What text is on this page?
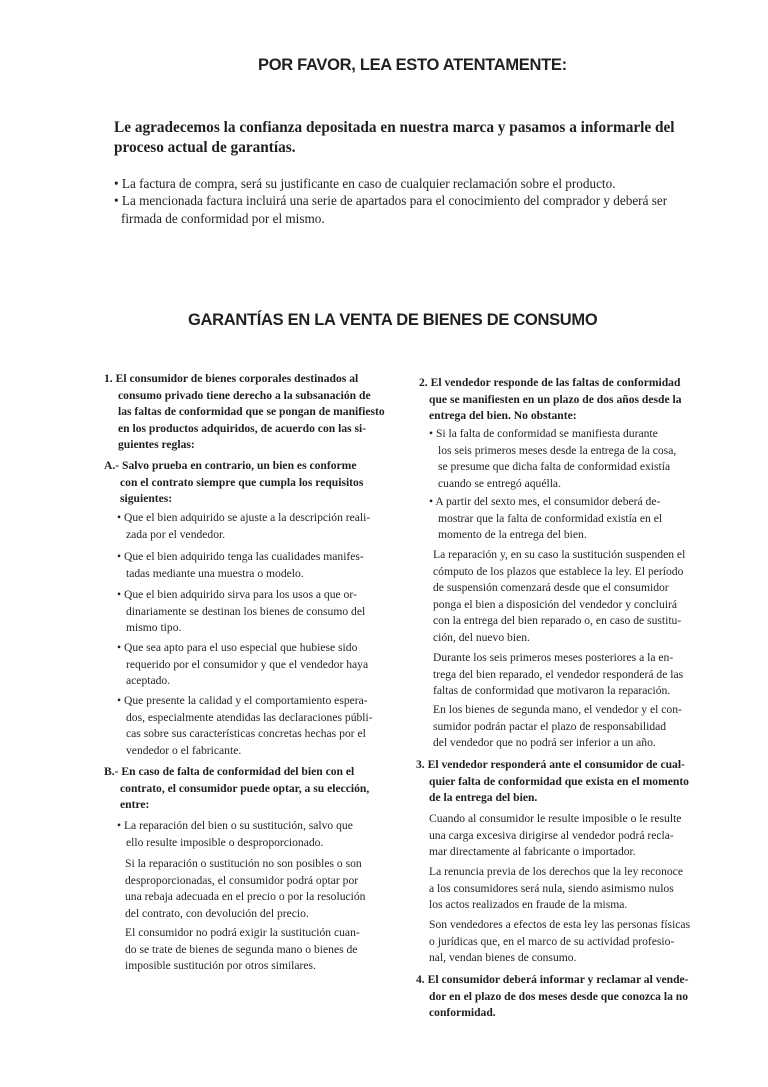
POR FAVOR, LEA ESTO ATENTAMENTE:
Le agradecemos la confianza depositada en nuestra marca y pasamos a informarle del
proceso actual de garantías.
• La factura de compra, será su justificante en caso de cualquier reclamación sobre el producto.
• La mencionada factura incluirá una serie de apartados para el conocimiento del comprador y deberá ser
firmada de conformidad por el mismo.
GARANTÍAS EN LA VENTA DE BIENES DE CONSUMO
1. El consumidor de bienes corporales destinados al
consumo privado tiene derecho a la subsanación de
las faltas de conformidad que se pongan de manifiesto
en los productos adquiridos, de acuerdo con las si-
guientes reglas:
A.- Salvo prueba en contrario, un bien es conforme
con el contrato siempre que cumpla los requisitos
siguientes:
• Que el bien adquirido se ajuste a la descripción reali-
zada por el vendedor.
• Que el bien adquirido tenga las cualidades manifes-
tadas mediante una muestra o modelo.
• Que el bien adquirido sirva para los usos a que or-
dinariamente se destinan los bienes de consumo del
mismo tipo.
• Que sea apto para el uso especial que hubiese sido
requerido por el consumidor y que el vendedor haya
aceptado.
• Que presente la calidad y el comportamiento espera-
dos, especialmente atendidas las declaraciones públi-
cas sobre sus características concretas hechas por el
vendedor o el fabricante.
B.- En caso de falta de conformidad del bien con el
contrato, el consumidor puede optar, a su elección,
entre:
• La reparación del bien o su sustitución, salvo que
ello resulte imposible o desproporcionado.
Si la reparación o sustitución no son posibles o son
desproporcionadas, el consumidor podrá optar por
una rebaja adecuada en el precio o por la resolución
del contrato, con devolución del precio.
El consumidor no podrá exigir la sustitución cuan-
do se trate de bienes de segunda mano o bienes de
imposible sustitución por otros similares.
2. El vendedor responde de las faltas de conformidad
que se manifiesten en un plazo de dos años desde la
entrega del bien. No obstante:
• Si la falta de conformidad se manifiesta durante
los seis primeros meses desde la entrega de la cosa,
se presume que dicha falta de conformidad existía
cuando se entregó aquélla.
• A partir del sexto mes, el consumidor deberá de-
mostrar que la falta de conformidad existía en el
momento de la entrega del bien.
La reparación y, en su caso la sustitución suspenden el
cómputo de los plazos que establece la ley. El período
de suspensión comenzará desde que el consumidor
ponga el bien a disposición del vendedor y concluirá
con la entrega del bien reparado o, en caso de sustitu-
ción, del nuevo bien.
Durante los seis primeros meses posteriores a la en-
trega del bien reparado, el vendedor responderá de las
faltas de conformidad que motivaron la reparación.
En los bienes de segunda mano, el vendedor y el con-
sumidor podrán pactar el plazo de responsabilidad
del vendedor que no podrá ser inferior a un año.
3. El vendedor responderá ante el consumidor de cual-
quier falta de conformidad que exista en el momento
de la entrega del bien.
Cuando al consumidor le resulte imposible o le resulte
una carga excesiva dirigirse al vendedor podrá recla-
mar directamente al fabricante o importador.
La renuncia previa de los derechos que la ley reconoce
a los consumidores será nula, siendo asimismo nulos
los actos realizados en fraude de la misma.
Son vendedores a efectos de esta ley las personas físicas
o jurídicas que, en el marco de su actividad profesio-
nal, vendan bienes de consumo.
4. El consumidor deberá informar y reclamar al vende-
dor en el plazo de dos meses desde que conozca la no
conformidad.
